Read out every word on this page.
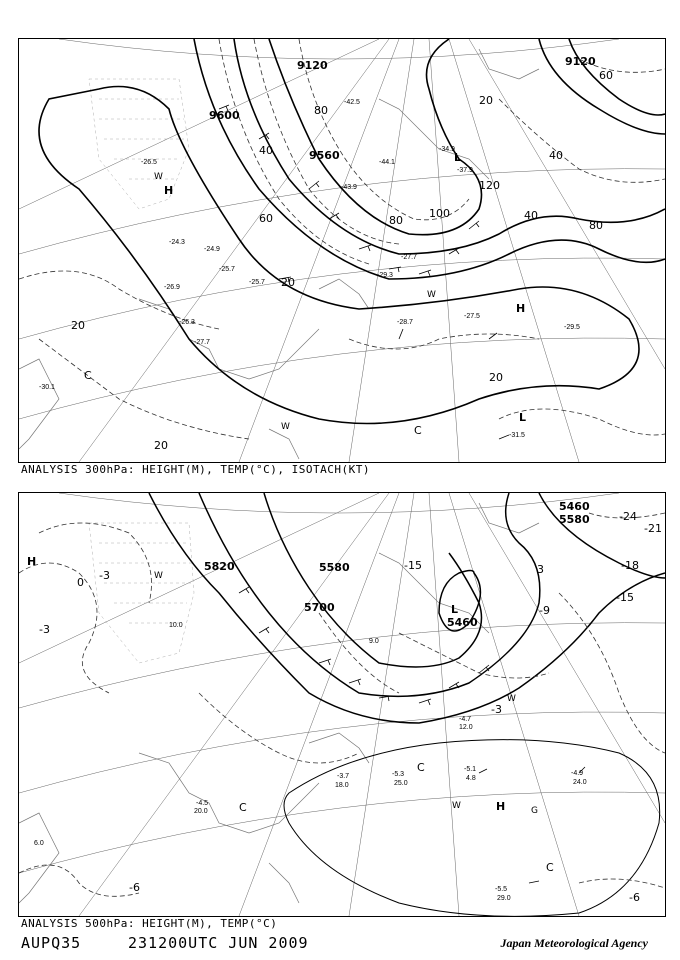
9600
9560
9120	9120
H
H
L
L
C
C
W
W
W
20
20
20
40
40
40
60
60
80
80
80
100
120
20
20
-26.5
-24.9
-24.3
-25.7
-25.7
-26.9
-26.3
-27.7
-27.7
-29.3
-28.7
-27.5
-29.5
-31.5
-30.1
-44.1
-43.9
-42.5
-34.9
-37.9
ANALYSIS 300hPa: HEIGHT(M), TEMP(°C), ISOTACH(KT)
5820
5700
5580
5460
5460
5580
H
H
L
W
W
W
C
C
C
G
-3
0
-3
-15	-18
-15
-21
-24
-9
-3
-6
-6
3
-5.3
-5.1
-4.9
-5.5
-4.5
-3.7
-4.7
18.0	25.0
4.8
24.0
29.0
20.0
12.0
10.0
9.0
6.0
ANALYSIS 500hPa: HEIGHT(M), TEMP(°C)
AUPQ35	231200UTC JUN 2009	Japan Meteorological Agency
